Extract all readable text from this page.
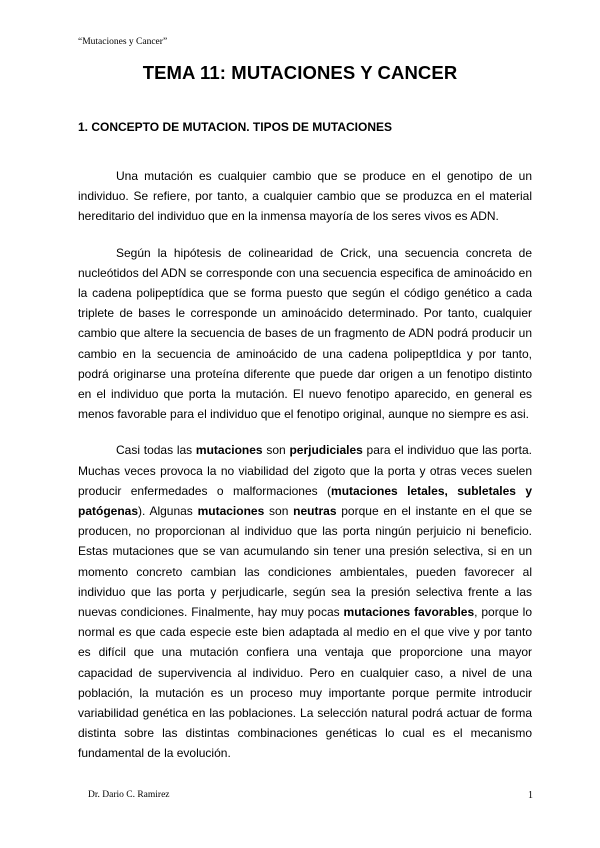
“Mutaciones y Cancer”
TEMA 11: MUTACIONES Y CANCER
1. CONCEPTO DE MUTACION. TIPOS DE MUTACIONES

Una mutación es cualquier cambio que se produce en el genotipo de un individuo. Se refiere, por tanto, a cualquier cambio que se produzca en el material hereditario del individuo que en la inmensa mayoría de los seres vivos es ADN.

Según la hipótesis de colinearidad de Crick, una secuencia concreta de nucleótidos del ADN se corresponde con una secuencia especifica de aminoácido en la cadena polipeptídica que se forma puesto que según el código genético a cada triplete de bases le corresponde un aminoácido determinado. Por tanto, cualquier cambio que altere la secuencia de bases de un fragmento de ADN podrá producir un cambio en la secuencia de aminoácido de una cadena polipeptIdica y por tanto, podrá originarse una proteína diferente que puede dar origen a un fenotipo distinto en el individuo que porta la mutación. El nuevo fenotipo aparecido, en general es menos favorable para el individuo que el fenotipo original, aunque no siempre es asi.

Casi todas las mutaciones son perjudiciales para el individuo que las porta. Muchas veces provoca la no viabilidad del zigoto que la porta y otras veces suelen producir enfermedades o malformaciones (mutaciones letales, subletales y patógenas). Algunas mutaciones son neutras porque en el instante en el que se producen, no proporcionan al individuo que las porta ningún perjuicio ni beneficio. Estas mutaciones que se van acumulando sin tener una presión selectiva, si en un momento concreto cambian las condiciones ambientales, pueden favorecer al individuo que las porta y perjudicarle, según sea la presión selectiva frente a las nuevas condiciones. Finalmente, hay muy pocas mutaciones favorables, porque lo normal es que cada especie este bien adaptada al medio en el que vive y por tanto es difícil que una mutación confiera una ventaja que proporcione una mayor capacidad de supervivencia al individuo. Pero en cualquier caso, a nivel de una población, la mutación es un proceso muy importante porque permite introducir variabilidad genética en las poblaciones. La selección natural podrá actuar de forma distinta sobre las distintas combinaciones genéticas lo cual es el mecanismo fundamental de la evolución.

Dr. Dario C. Ramirez	1
